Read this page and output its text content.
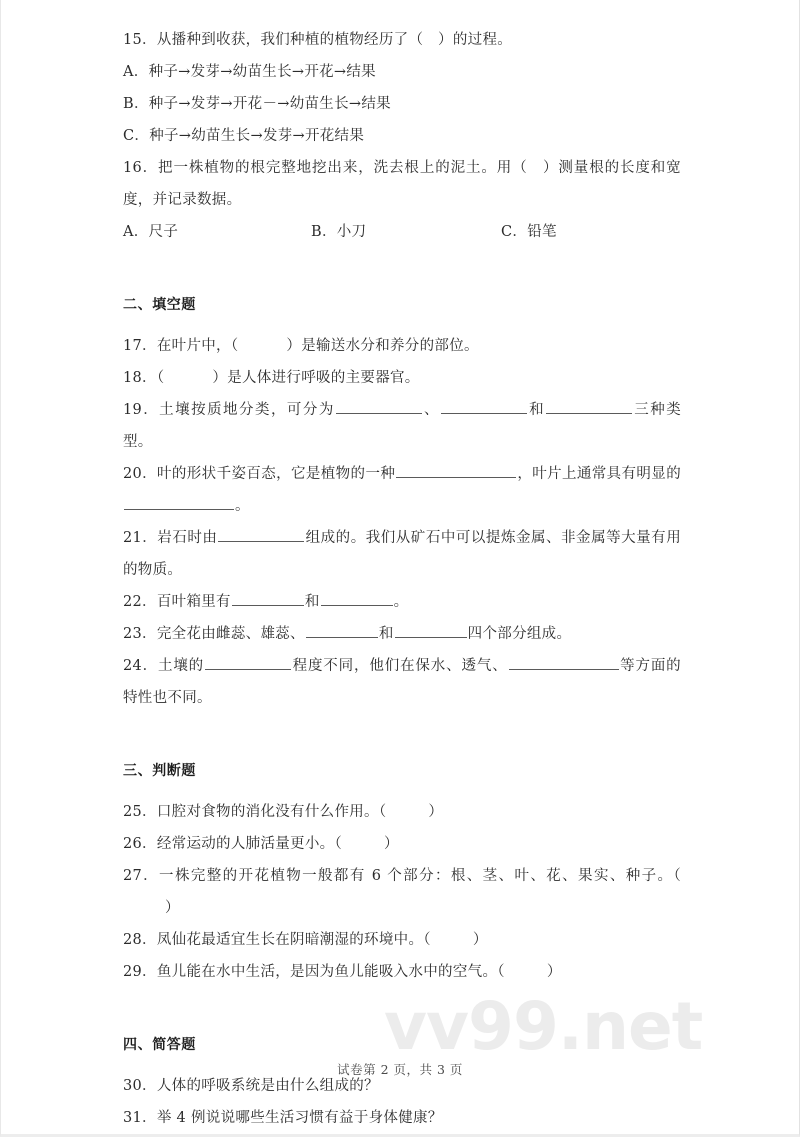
vv99.net

15．从播种到收获，我们种植的植物经历了（　）的过程。

A．种子→发芽→幼苗生长→开花→结果

B．种子→发芽→开花－→幼苗生长→结果

C．种子→幼苗生长→发芽→开花结果

16．把一株植物的根完整地挖出来，洗去根上的泥土。用（　）测量根的长度和宽度，并记录数据。

A．尺子	B．小刀	C．铅笔

二、填空题

17．在叶片中，（	）是输送水分和养分的部位。

18．（	）是人体进行呼吸的主要器官。

19．土壤按质地分类，可分为	、	和	三种类型。

20．叶的形状千姿百态，它是植物的一种	，叶片上通常具有明显的。

21．岩石时由	组成的。我们从矿石中可以提炼金属、非金属等大量有用的物质。

22．百叶箱里有	和	。

23．完全花由雌蕊、雄蕊、	和	四个部分组成。

24．土壤的	程度不同，他们在保水、透气、	等方面的特性也不同。

三、判断题

25．口腔对食物的消化没有什么作用。（	）

26．经常运动的人肺活量更小。（	）

27．一株完整的开花植物一般都有 6 个部分：根、茎、叶、花、果实、种子。（）

28．凤仙花最适宜生长在阴暗潮湿的环境中。（	）

29．鱼儿能在水中生活，是因为鱼儿能吸入水中的空气。（	）

四、简答题

30．人体的呼吸系统是由什么组成的？

31．举 4 例说说哪些生活习惯有益于身体健康？

试卷第 2 页，共 3 页
